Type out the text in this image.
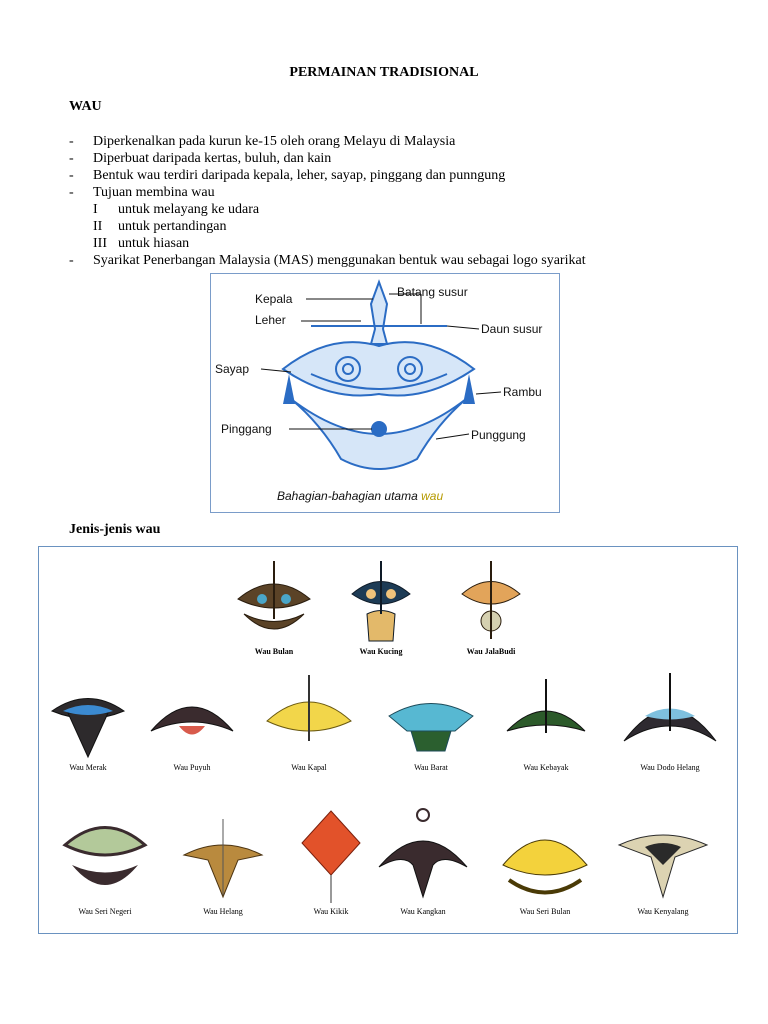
PERMAINAN TRADISIONAL
WAU
-	Diperkenalkan pada kurun ke-15 oleh orang Melayu di Malaysia
-	Diperbuat daripada kertas, buluh, dan kain
-	Bentuk wau terdiri daripada kepala, leher, sayap, pinggang dan punngung
-	Tujuan membina wau
I	untuk melayang ke udara
II	untuk pertandingan
III untuk hiasan
-	Syarikat Penerbangan Malaysia (MAS) menggunakan bentuk wau sebagai logo syarikat
Kepala
Leher
Sayap
Pinggang
Batang susur
Daun susur
Rambu
Punggung
Bahagian-bahagian utama wau
Jenis-jenis wau
Wau Bulan	Wau Kucing	Wau JalaBudi
Wau Merak	Wau Puyuh	Wau Kapal	Wau Barat	Wau Kebayak	Wau Dodo Helang
Wau Seri Negeri	Wau Helang	Wau Kikik	Wau Kangkan	Wau Seri Bulan	Wau Kenyalang
